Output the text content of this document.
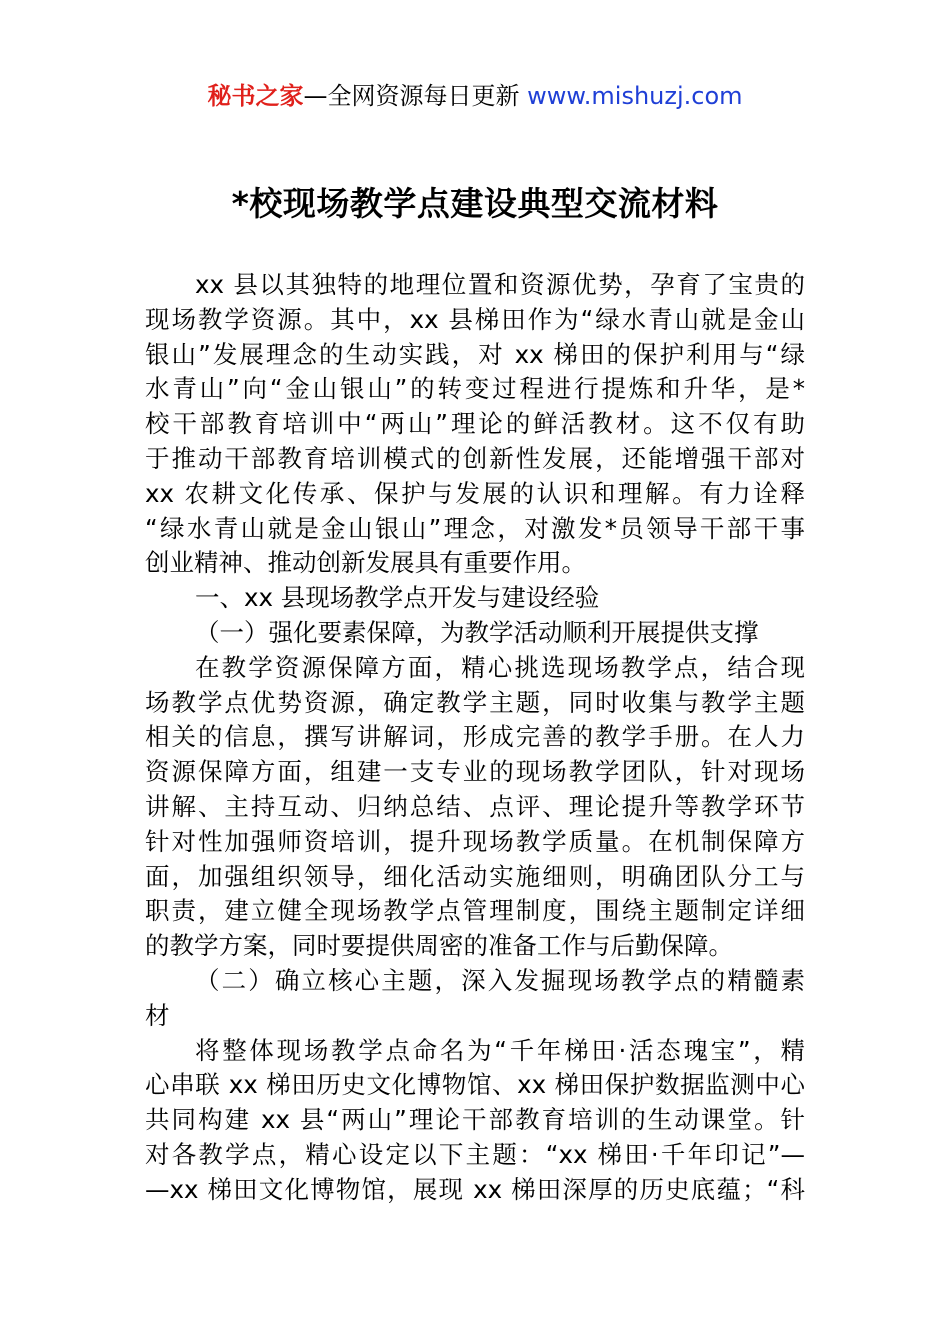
秘书之家—全网资源每日更新 www.mishuzj.com
*校现场教学点建设典型交流材料
xx 县以其独特的地理位置和资源优势，孕育了宝贵的
现场教学资源。其中，xx 县梯田作为“绿水青山就是金山
银山”发展理念的生动实践，对 xx 梯田的保护利用与“绿
水青山”向“金山银山”的转变过程进行提炼和升华，是*
校干部教育培训中“两山”理论的鲜活教材。这不仅有助
于推动干部教育培训模式的创新性发展，还能增强干部对
xx 农耕文化传承、保护与发展的认识和理解。有力诠释
“绿水青山就是金山银山”理念，对激发*员领导干部干事
创业精神、推动创新发展具有重要作用。
一、xx 县现场教学点开发与建设经验
（一）强化要素保障，为教学活动顺利开展提供支撑
在教学资源保障方面，精心挑选现场教学点，结合现
场教学点优势资源，确定教学主题，同时收集与教学主题
相关的信息，撰写讲解词，形成完善的教学手册。在人力
资源保障方面，组建一支专业的现场教学团队，针对现场
讲解、主持互动、归纳总结、点评、理论提升等教学环节
针对性加强师资培训，提升现场教学质量。在机制保障方
面，加强组织领导，细化活动实施细则，明确团队分工与
职责，建立健全现场教学点管理制度，围绕主题制定详细
的教学方案，同时要提供周密的准备工作与后勤保障。
（二）确立核心主题，深入发掘现场教学点的精髓素
材
将整体现场教学点命名为“千年梯田·活态瑰宝”，精
心串联 xx 梯田历史文化博物馆、xx 梯田保护数据监测中心
共同构建 xx 县“两山”理论干部教育培训的生动课堂。针
对各教学点，精心设定以下主题：“xx 梯田·千年印记”—
—xx 梯田文化博物馆，展现 xx 梯田深厚的历史底蕴；“科
